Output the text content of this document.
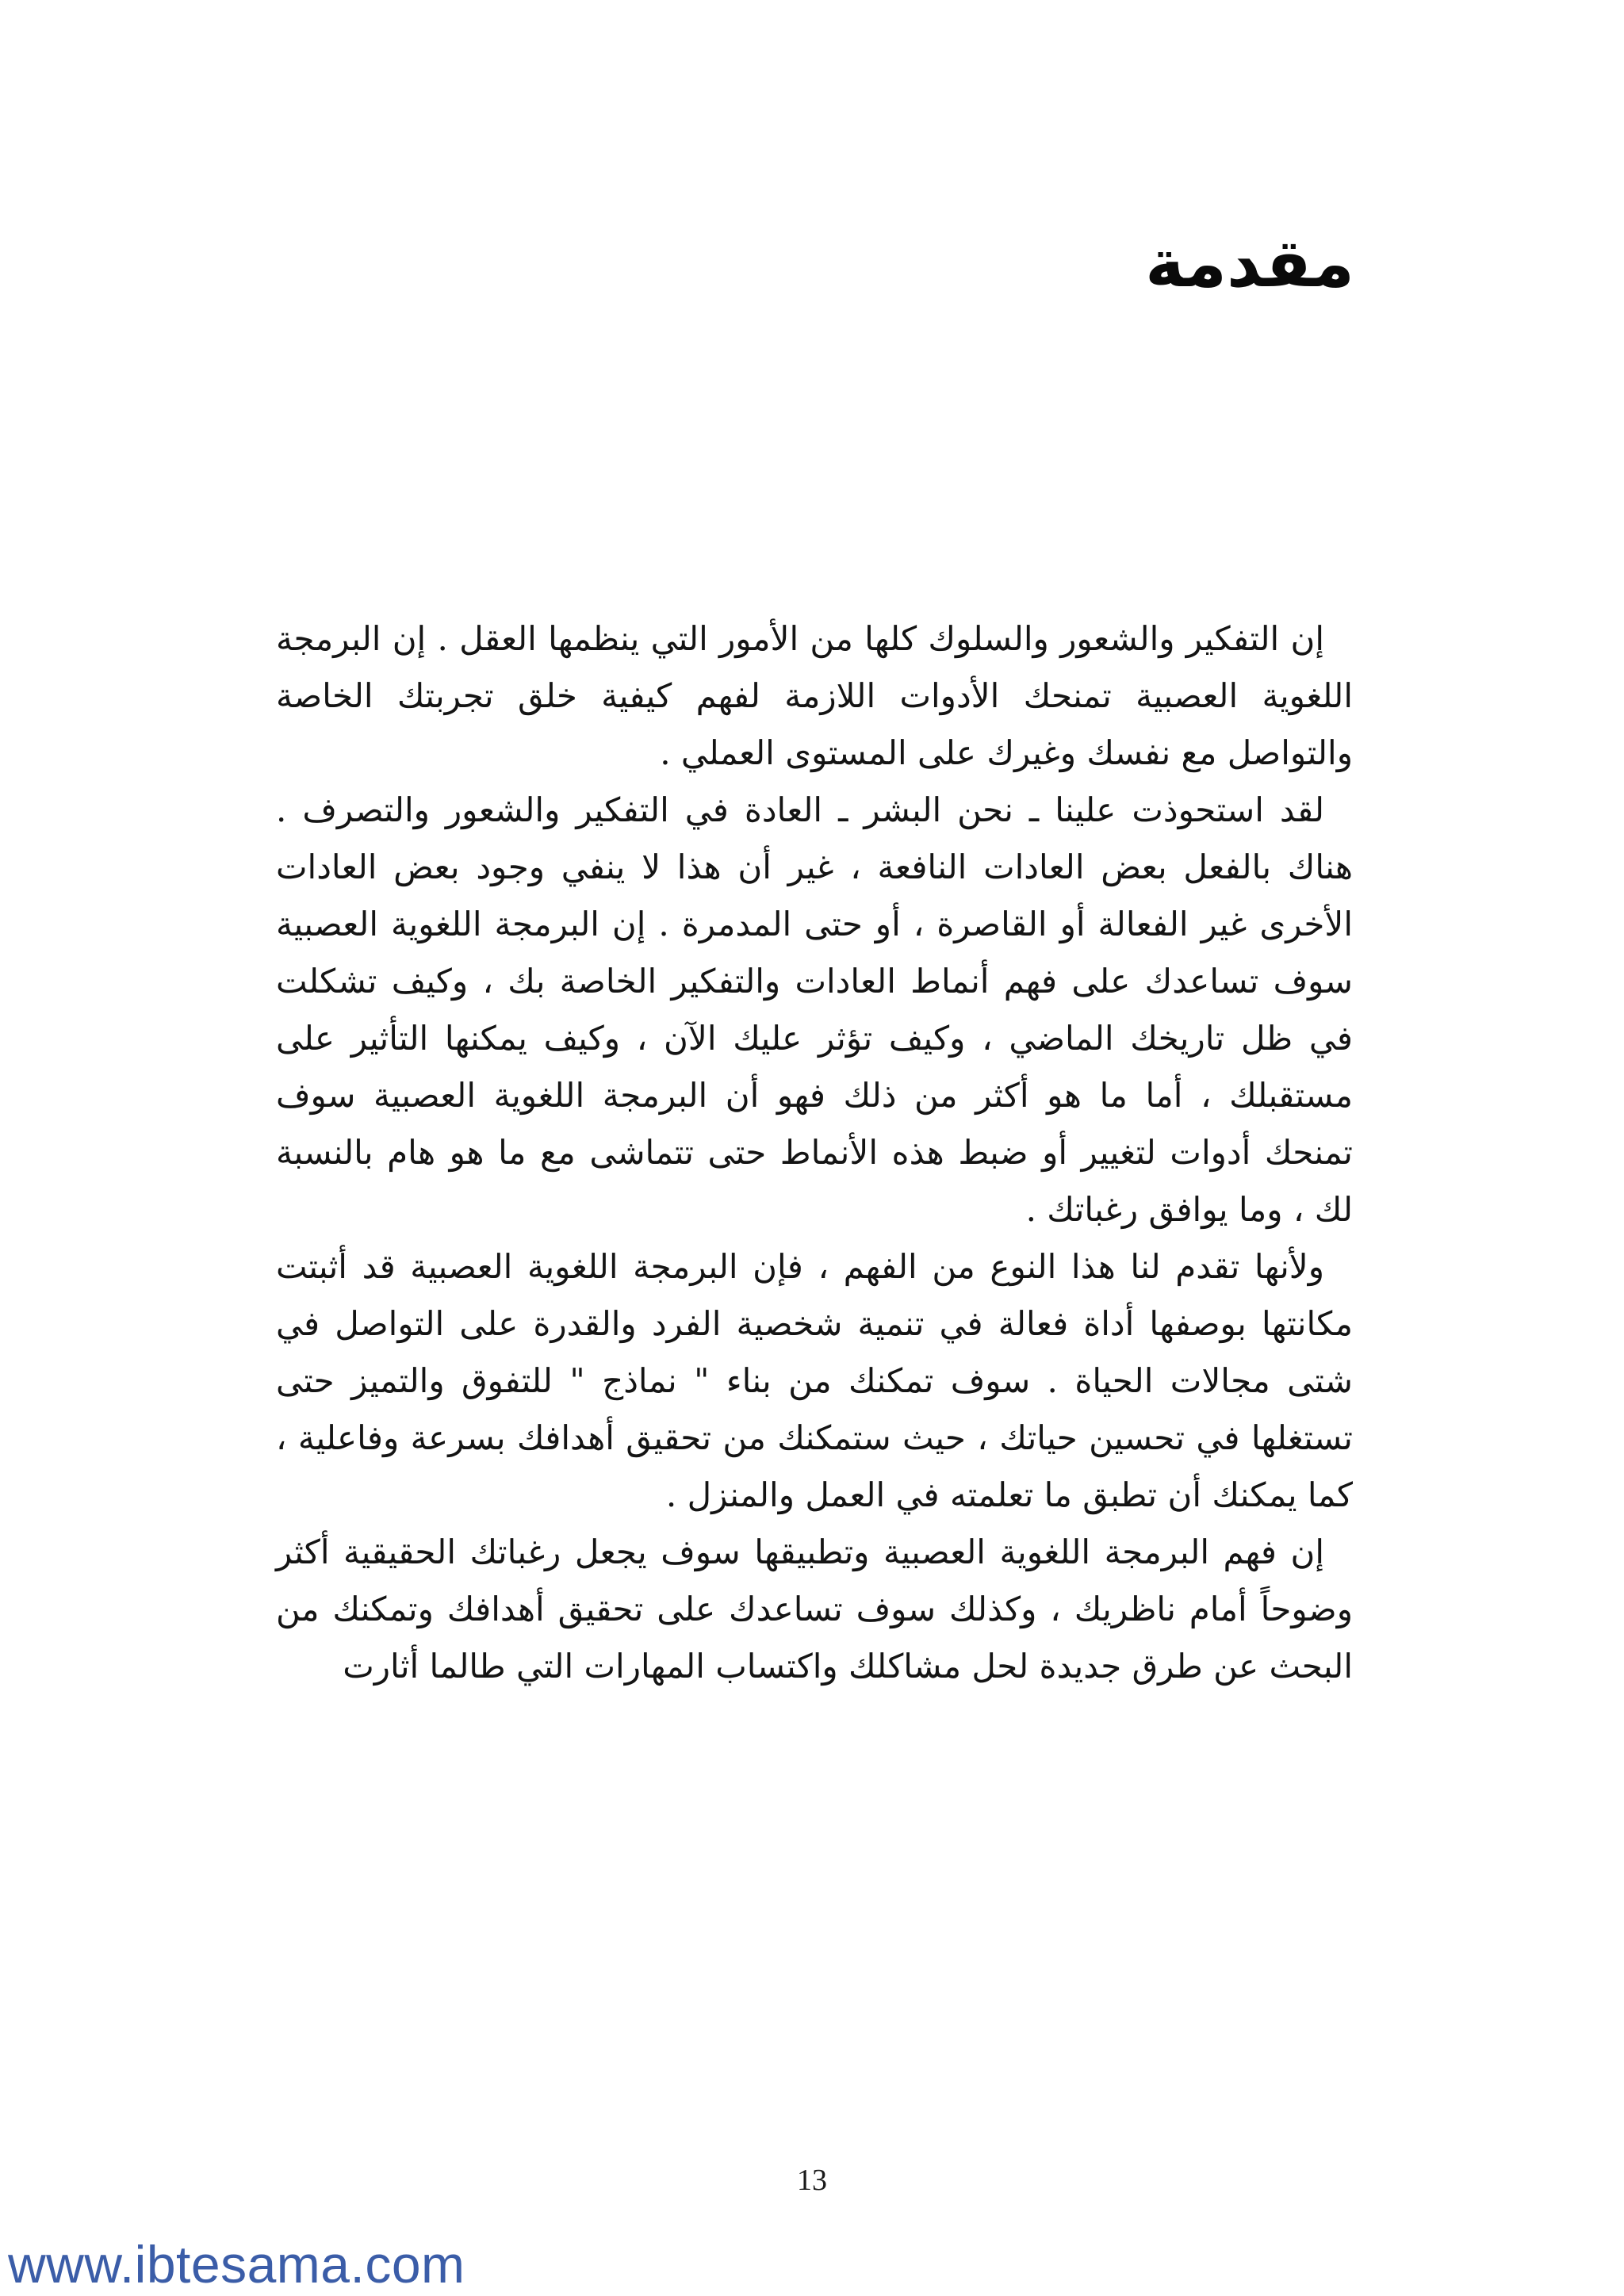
مقدمة

إن التفكير والشعور والسلوك كلها من الأمور التي ينظمها العقل . إن البرمجة اللغوية العصبية تمنحك الأدوات اللازمة لفهم كيفية خلق تجربتك الخاصة والتواصل مع نفسك وغيرك على المستوى العملي .

لقد استحوذت علينا ـ نحن البشر ـ العادة في التفكير والشعور والتصرف . هناك بالفعل بعض العادات النافعة ، غير أن هذا لا ينفي وجود بعض العادات الأخرى غير الفعالة أو القاصرة ، أو حتى المدمرة . إن البرمجة اللغوية العصبية سوف تساعدك على فهم أنماط العادات والتفكير الخاصة بك ، وكيف تشكلت في ظل تاريخك الماضي ، وكيف تؤثر عليك الآن ، وكيف يمكنها التأثير على مستقبلك ، أما ما هو أكثر من ذلك فهو أن البرمجة اللغوية العصبية سوف تمنحك أدوات لتغيير أو ضبط هذه الأنماط حتى تتماشى مع ما هو هام بالنسبة لك ، وما يوافق رغباتك .

ولأنها تقدم لنا هذا النوع من الفهم ، فإن البرمجة اللغوية العصبية قد أثبتت مكانتها بوصفها أداة فعالة في تنمية شخصية الفرد والقدرة على التواصل في شتى مجالات الحياة . سوف تمكنك من بناء " نماذج " للتفوق والتميز حتى تستغلها في تحسين حياتك ، حيث ستمكنك من تحقيق أهدافك بسرعة وفاعلية ، كما يمكنك أن تطبق ما تعلمته في العمل والمنزل .

إن فهم البرمجة اللغوية العصبية وتطبيقها سوف يجعل رغباتك الحقيقية أكثر وضوحاً أمام ناظريك ، وكذلك سوف تساعدك على تحقيق أهدافك وتمكنك من البحث عن طرق جديدة لحل مشاكلك واكتساب المهارات التي طالما أثارت

13
www.ibtesama.com
